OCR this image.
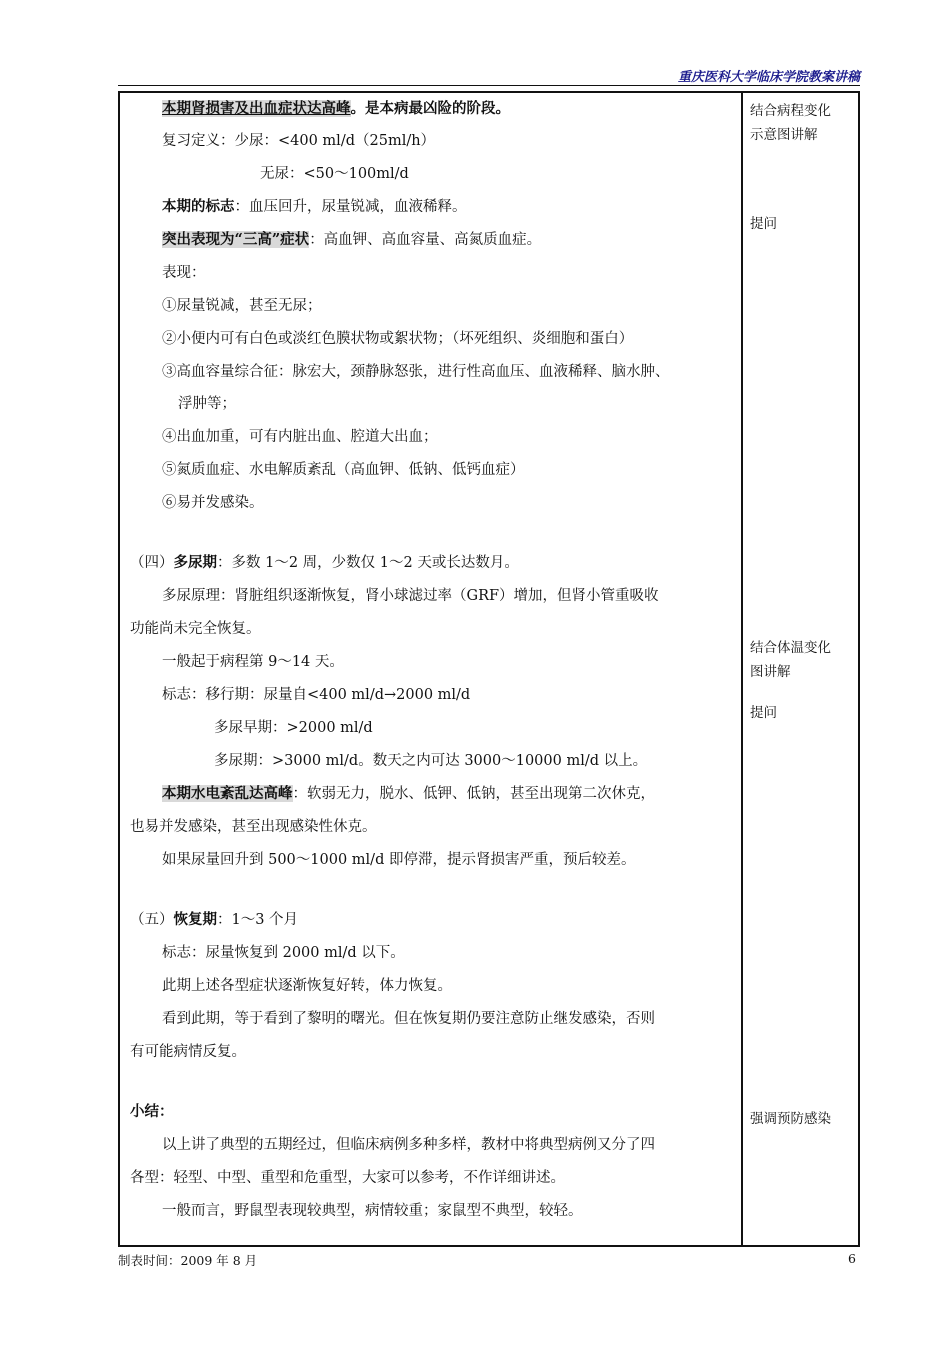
重庆医科大学临床学院教案讲稿
本期肾损害及出血症状达高峰。是本病最凶险的阶段。
复习定义：少尿：<400 ml/d（25ml/h）
无尿：<50～100ml/d
本期的标志：血压回升，尿量锐减，血液稀释。
突出表现为“三高”症状：高血钾、高血容量、高氮质血症。
表现：
①尿量锐减，甚至无尿；
②小便内可有白色或淡红色膜状物或絮状物；（坏死组织、炎细胞和蛋白）
③高血容量综合征：脉宏大，颈静脉怒张，进行性高血压、血液稀释、脑水肿、
浮肿等；
④出血加重，可有内脏出血、腔道大出血；
⑤氮质血症、水电解质紊乱（高血钾、低钠、低钙血症）
⑥易并发感染。
（四）多尿期：多数 1～2 周，少数仅 1～2 天或长达数月。
多尿原理：肾脏组织逐渐恢复，肾小球滤过率（GRF）增加，但肾小管重吸收
功能尚未完全恢复。
一般起于病程第 9～14 天。
标志：移行期：尿量自<400 ml/d→2000 ml/d
多尿早期：>2000 ml/d
多尿期：>3000 ml/d。数天之内可达 3000～10000 ml/d 以上。
本期水电紊乱达高峰：软弱无力，脱水、低钾、低钠，甚至出现第二次休克，
也易并发感染，甚至出现感染性休克。
如果尿量回升到 500～1000 ml/d 即停滞，提示肾损害严重，预后较差。
（五）恢复期：1～3 个月
标志：尿量恢复到 2000 ml/d 以下。
此期上述各型症状逐渐恢复好转，体力恢复。
看到此期，等于看到了黎明的曙光。但在恢复期仍要注意防止继发感染，否则
有可能病情反复。
小结：
以上讲了典型的五期经过，但临床病例多种多样，教材中将典型病例又分了四
各型：轻型、中型、重型和危重型，大家可以参考，不作详细讲述。
一般而言，野鼠型表现较典型，病情较重；家鼠型不典型，较轻。
结合病程变化
示意图讲解
提问
结合体温变化
图讲解
提问
强调预防感染
制表时间：2009 年 8 月	6
